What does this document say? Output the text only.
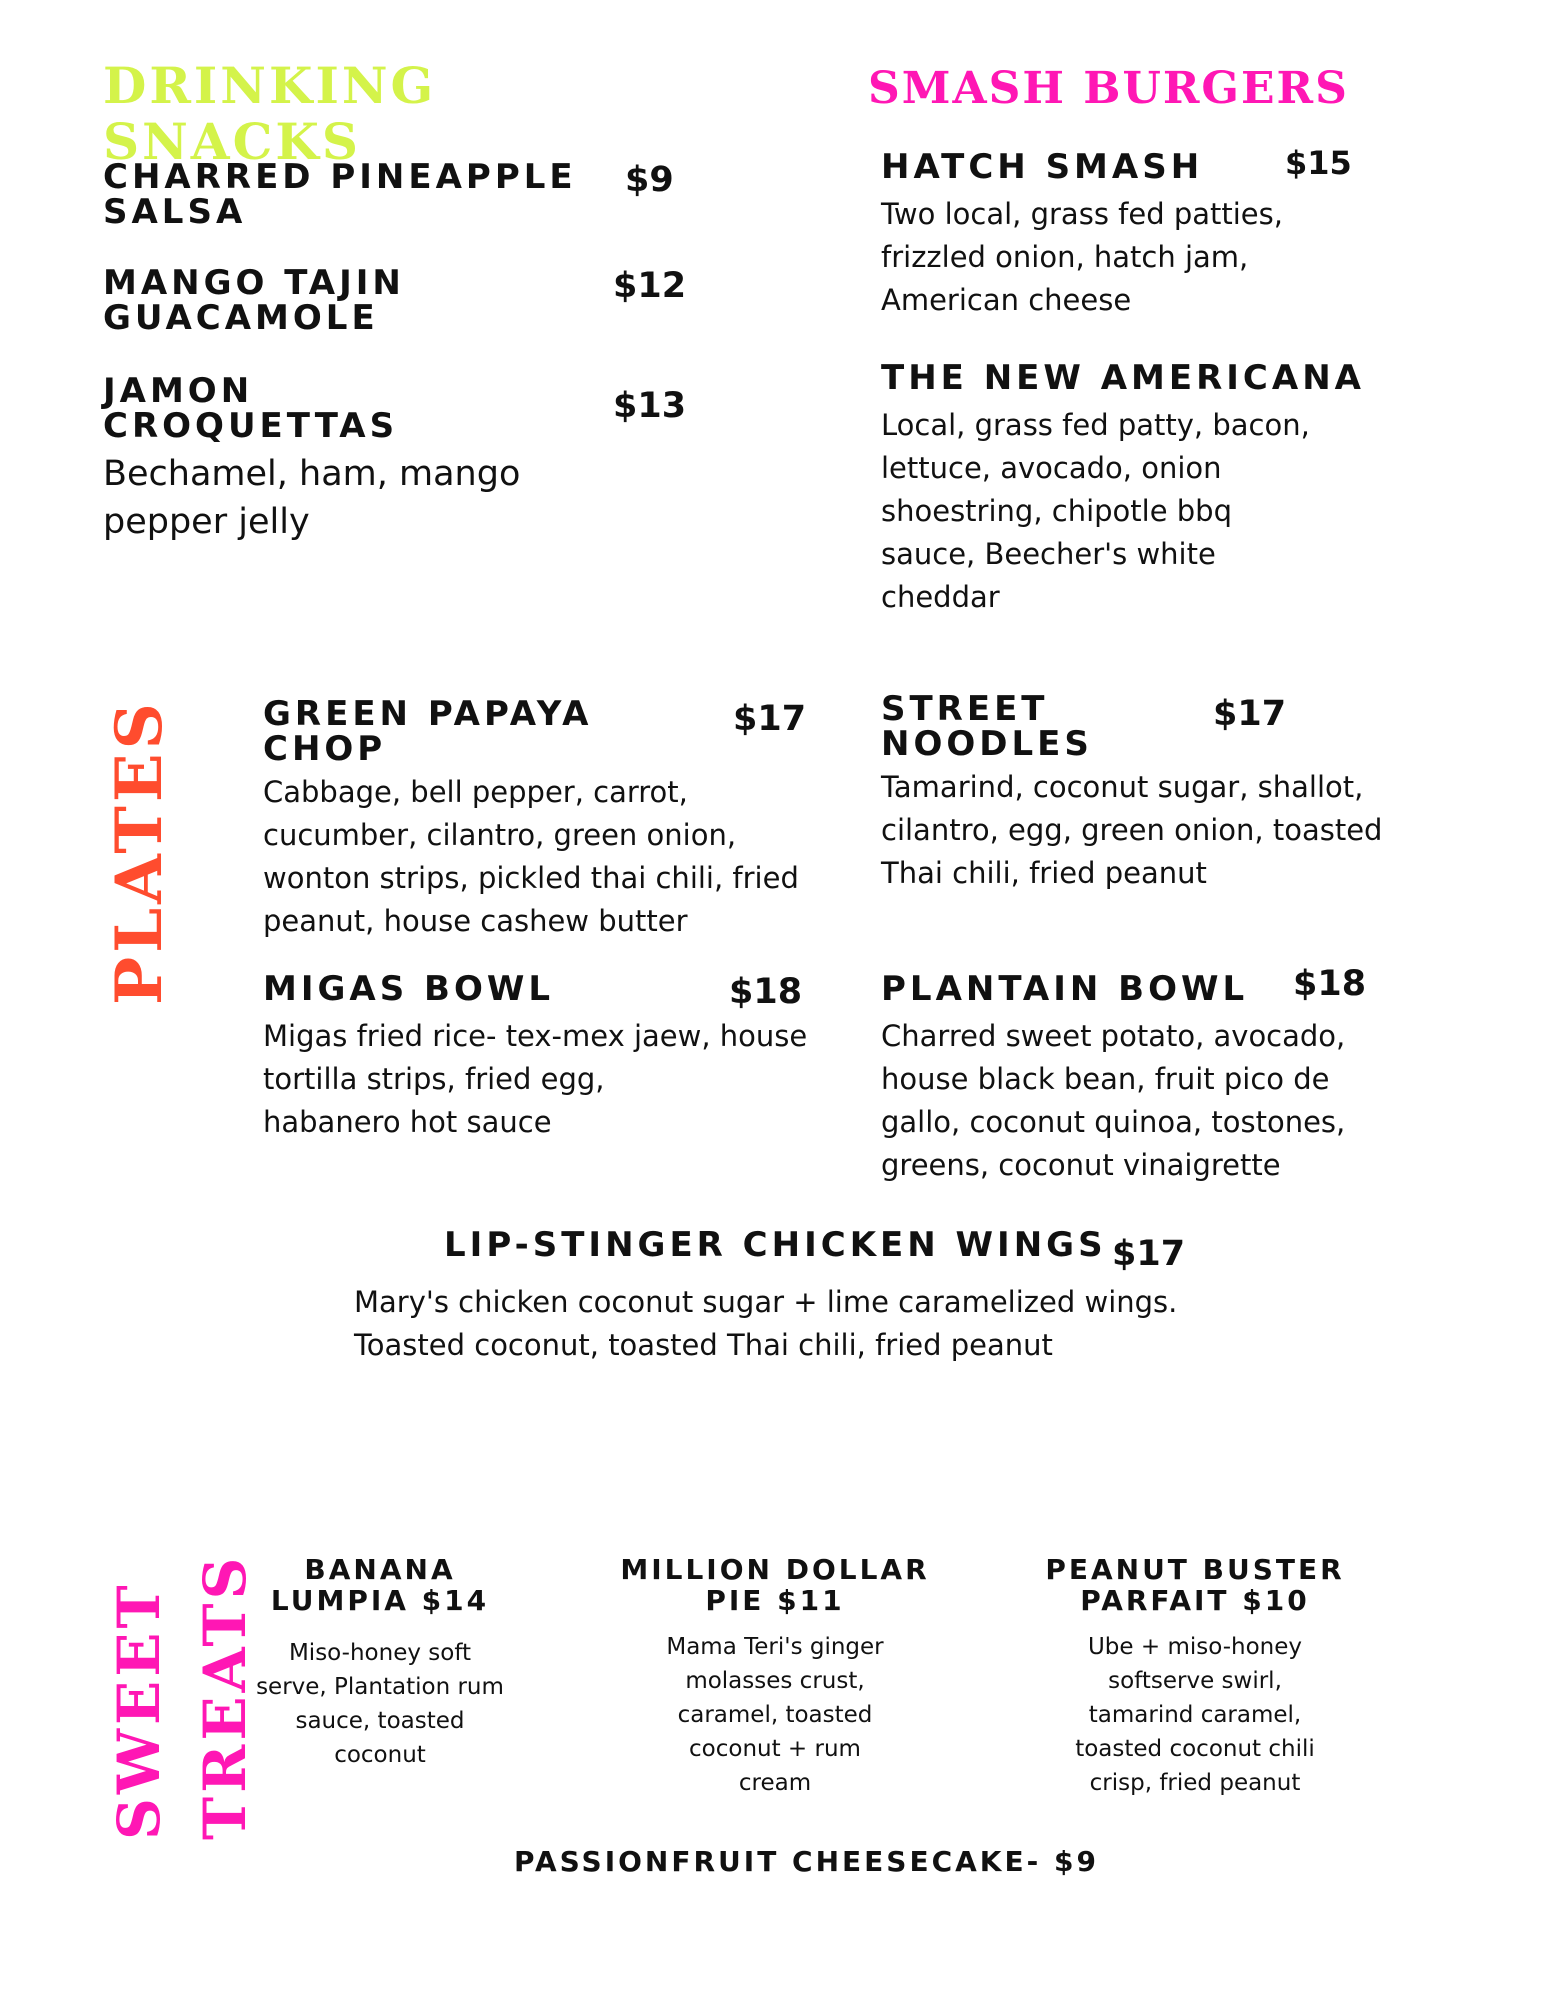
DRINKING
SNACKS
CHARRED PINEAPPLE
SALSA
$9
MANGO TAJIN
GUACAMOLE
$12
JAMON
CROQUETTAS	$13
Bechamel, ham, mango
pepper jelly
SMASH BURGERS
HATCH SMASH	$15
Two local, grass fed patties,
frizzled onion, hatch jam,
American cheese
THE NEW AMERICANA
Local, grass fed patty, bacon,
lettuce, avocado, onion
shoestring, chipotle bbq
sauce, Beecher's white
cheddar
PLATES	GREEN PAPAYA
CHOP
$17
Cabbage, bell pepper, carrot,
cucumber, cilantro, green onion,
wonton strips, pickled thai chili, fried
peanut, house cashew butter
STREET
NOODLES
$17
Tamarind, coconut sugar, shallot,
cilantro, egg, green onion, toasted
Thai chili, fried peanut
MIGAS BOWL	$18
Migas fried rice- tex-mex jaew, house
tortilla strips, fried egg,
habanero hot sauce
PLANTAIN BOWL	$18
Charred sweet potato, avocado,
house black bean, fruit pico de
gallo, coconut quinoa, tostones,
greens, coconut vinaigrette
LIP-STINGER CHICKEN WINGS $17
Mary's chicken coconut sugar + lime caramelized wings.
Toasted coconut, toasted Thai chili, fried peanut
SWEET TREATS	BANANA
LUMPIA $14
Miso-honey soft
serve, Plantation rum
sauce, toasted
coconut
MILLION DOLLAR
PIE $11
Mama Teri's ginger
molasses crust,
caramel, toasted
coconut + rum
cream
PEANUT BUSTER
PARFAIT $10
Ube + miso-honey
softserve swirl,
tamarind caramel,
toasted coconut chili
crisp, fried peanut
PASSIONFRUIT CHEESECAKE- $9
